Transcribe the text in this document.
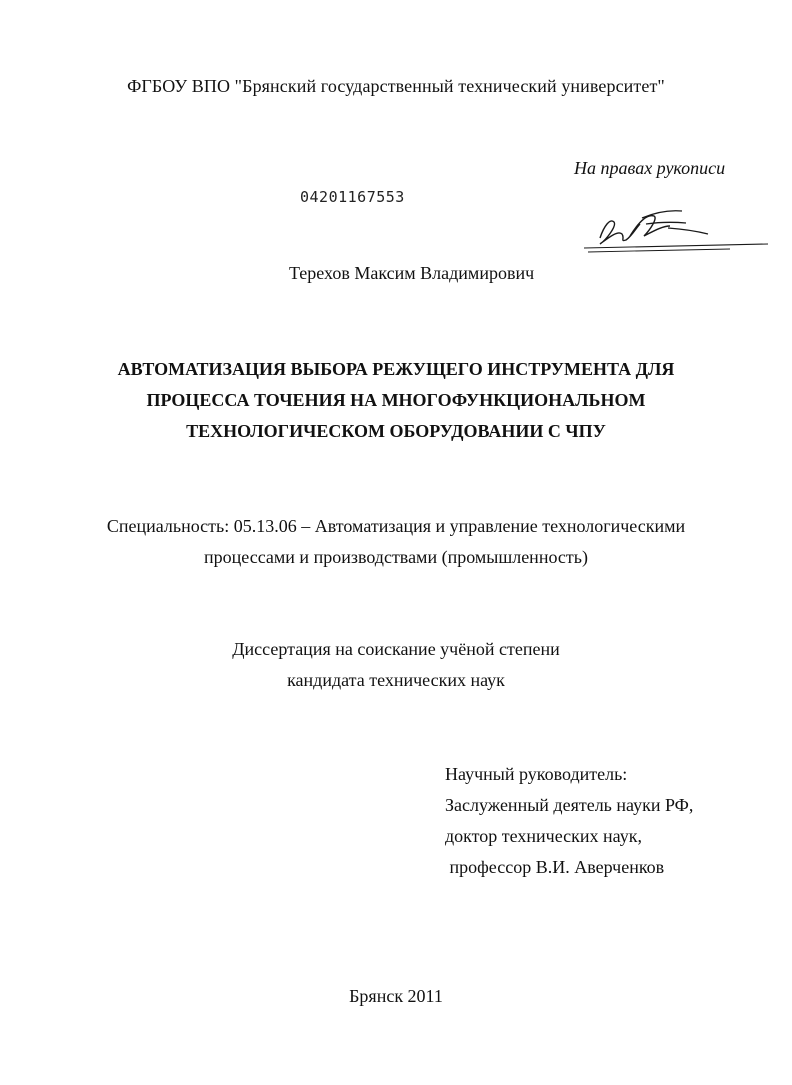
ФГБОУ ВПО "Брянский государственный технический университет"

На правах рукописи

04201167553

Терехов Максим Владимирович

АВТОМАТИЗАЦИЯ ВЫБОРА РЕЖУЩЕГО ИНСТРУМЕНТА ДЛЯ
ПРОЦЕССА ТОЧЕНИЯ НА МНОГОФУНКЦИОНАЛЬНОМ
ТЕХНОЛОГИЧЕСКОМ ОБОРУДОВАНИИ С ЧПУ
Специальность: 05.13.06 – Автоматизация и управление технологическими
процессами и производствами (промышленность)
Диссертация на соискание учёной степени
кандидата технических наук
Научный руководитель:
Заслуженный деятель науки РФ,
доктор технических наук,
профессор В.И. Аверченков

Брянск 2011
